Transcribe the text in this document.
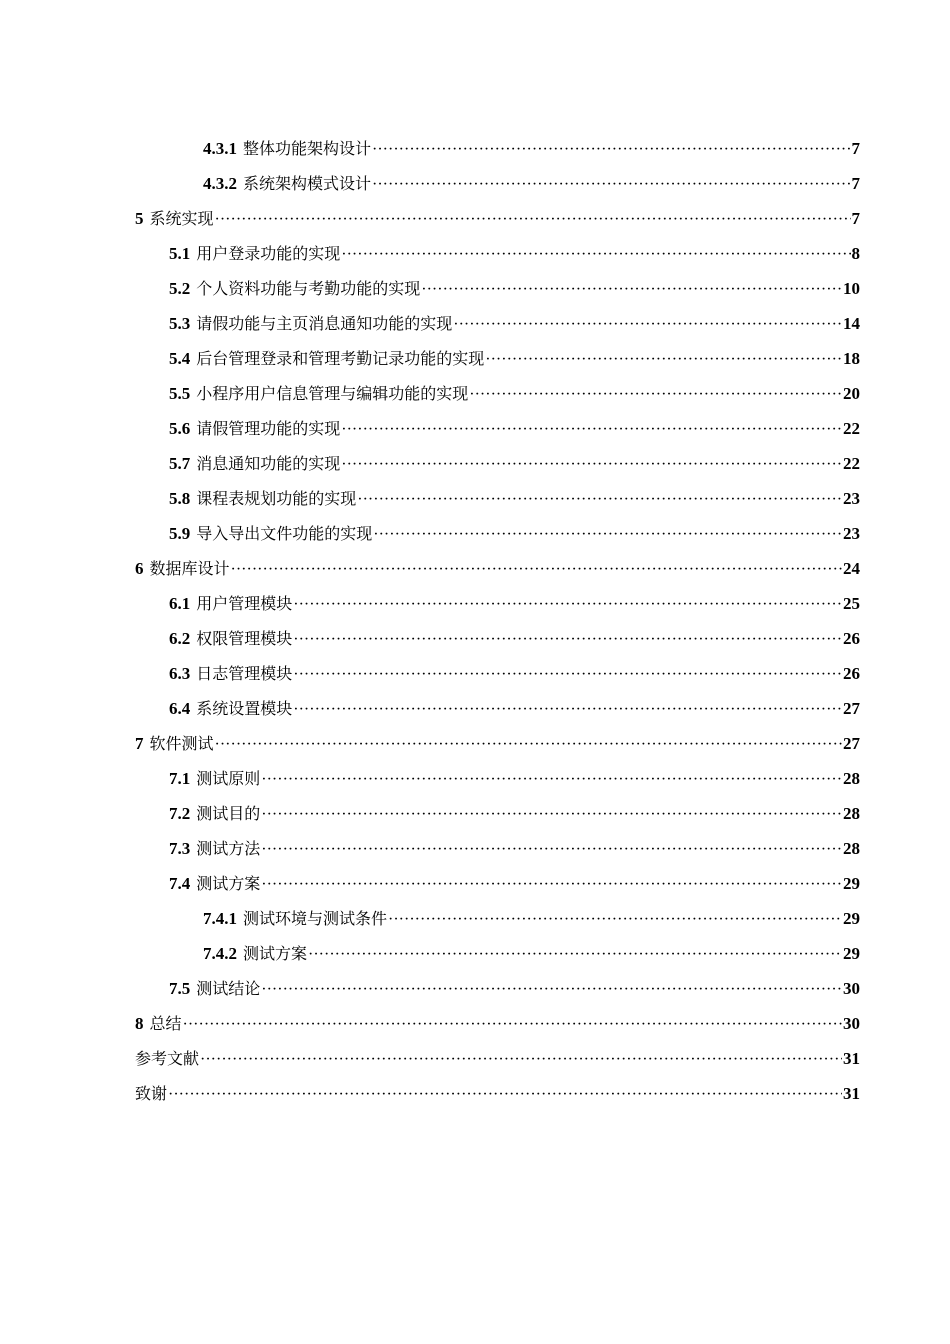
4.3.1 整体功能架构设计 ·····	7
4.3.2 系统架构模式设计 ·····	7
5 系统实现 ·····	7
5.1 用户登录功能的实现 ·····	8
5.2 个人资料功能与考勤功能的实现 ·····	10
5.3 请假功能与主页消息通知功能的实现 ·····	14
5.4 后台管理登录和管理考勤记录功能的实现 ·····	18
5.5 小程序用户信息管理与编辑功能的实现 ·····	20
5.6 请假管理功能的实现 ·····	22
5.7 消息通知功能的实现 ·····	22
5.8 课程表规划功能的实现 ·····	23
5.9 导入导出文件功能的实现 ·····	23
6 数据库设计 ·····	24
6.1 用户管理模块 ·····	25
6.2 权限管理模块 ·····	26
6.3 日志管理模块 ·····	26
6.4 系统设置模块 ·····	27
7 软件测试 ·····	27
7.1 测试原则 ·····	28
7.2 测试目的 ·····	28
7.3 测试方法 ·····	28
7.4 测试方案 ·····	29
7.4.1 测试环境与测试条件 ·····	29
7.4.2 测试方案 ·····	29
7.5 测试结论 ·····	30
8 总结 ·····	30
参考文献 ·····	31
致谢 ·····	31
